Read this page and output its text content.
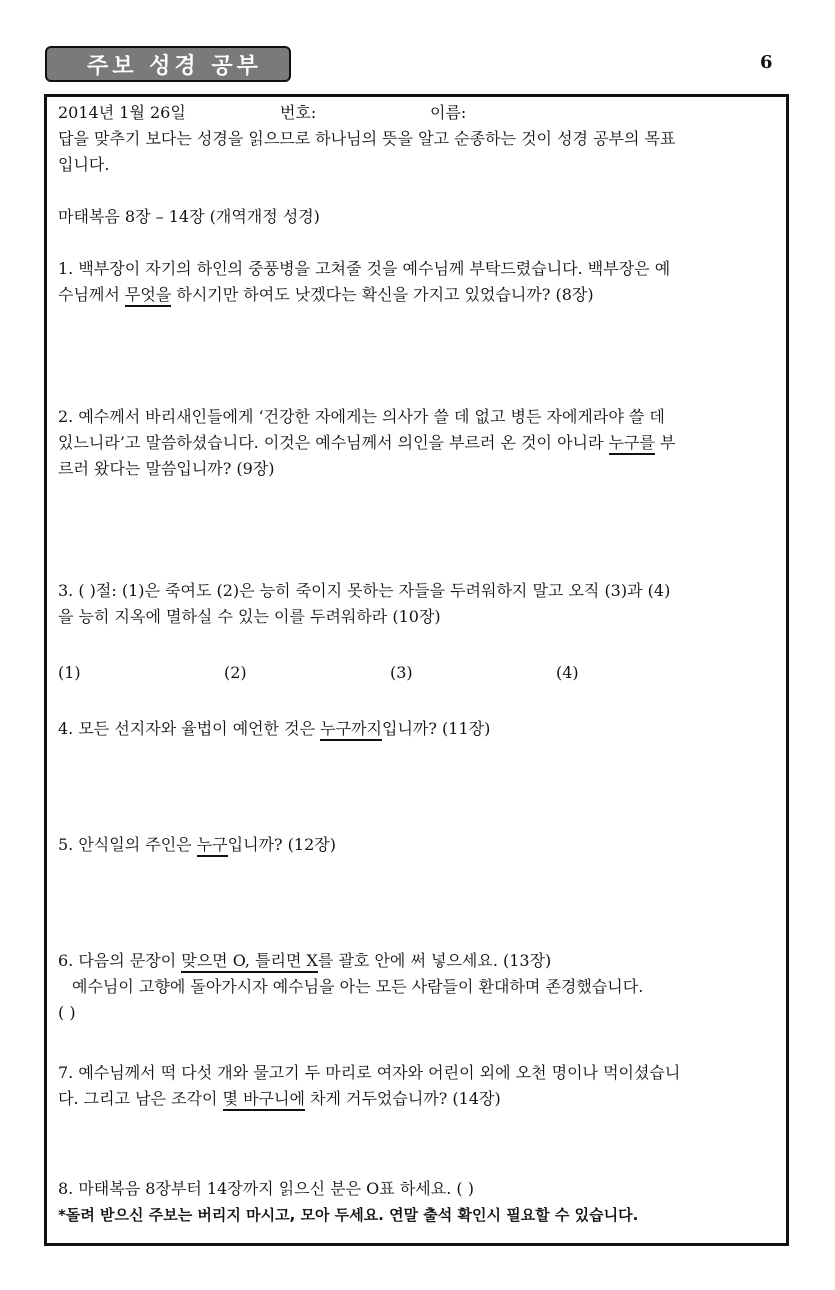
주보 성경 공부	6
2014년 1월 26일	번호:	이름:

답을 맞추기 보다는 성경을 읽으므로 하나님의 뜻을 알고 순종하는 것이 성경 공부의 목표

입니다.

마태복음 8장 – 14장 (개역개정 성경)

1. 백부장이 자기의 하인의 중풍병을 고쳐줄 것을 예수님께 부탁드렸습니다. 백부장은 예

수님께서 무엇을 하시기만 하여도 낫겠다는 확신을 가지고 있었습니까? (8장)

2. 예수께서 바리새인들에게 ‘건강한 자에게는 의사가 쓸 데 없고 병든 자에게라야 쓸 데

있느니라’고 말씀하셨습니다. 이것은 예수님께서 의인을 부르러 온 것이 아니라 누구를 부

르러 왔다는 말씀입니까? (9장)

3. ( )절: (1)은 죽여도 (2)은 능히 죽이지 못하는 자들을 두려워하지 말고 오직 (3)과 (4)

을 능히 지옥에 멸하실 수 있는 이를 두려워하라 (10장)

(1)	(2)	(3)	(4)

4. 모든 선지자와 율법이 예언한 것은 누구까지입니까? (11장)

5. 안식일의 주인은 누구입니까? (12장)

6. 다음의 문장이 맞으면 O, 틀리면 X를 괄호 안에 써 넣으세요. (13장)

예수님이 고향에 돌아가시자 예수님을 아는 모든 사람들이 환대하며 존경했습니다.

( )

7. 예수님께서 떡 다섯 개와 물고기 두 마리로 여자와 어린이 외에 오천 명이나 먹이셨습니

다. 그리고 남은 조각이 몇 바구니에 차게 거두었습니까? (14장)

8. 마태복음 8장부터 14장까지 읽으신 분은 O표 하세요. ( )

*돌려 받으신 주보는 버리지 마시고, 모아 두세요. 연말 출석 확인시 필요할 수 있습니다.
